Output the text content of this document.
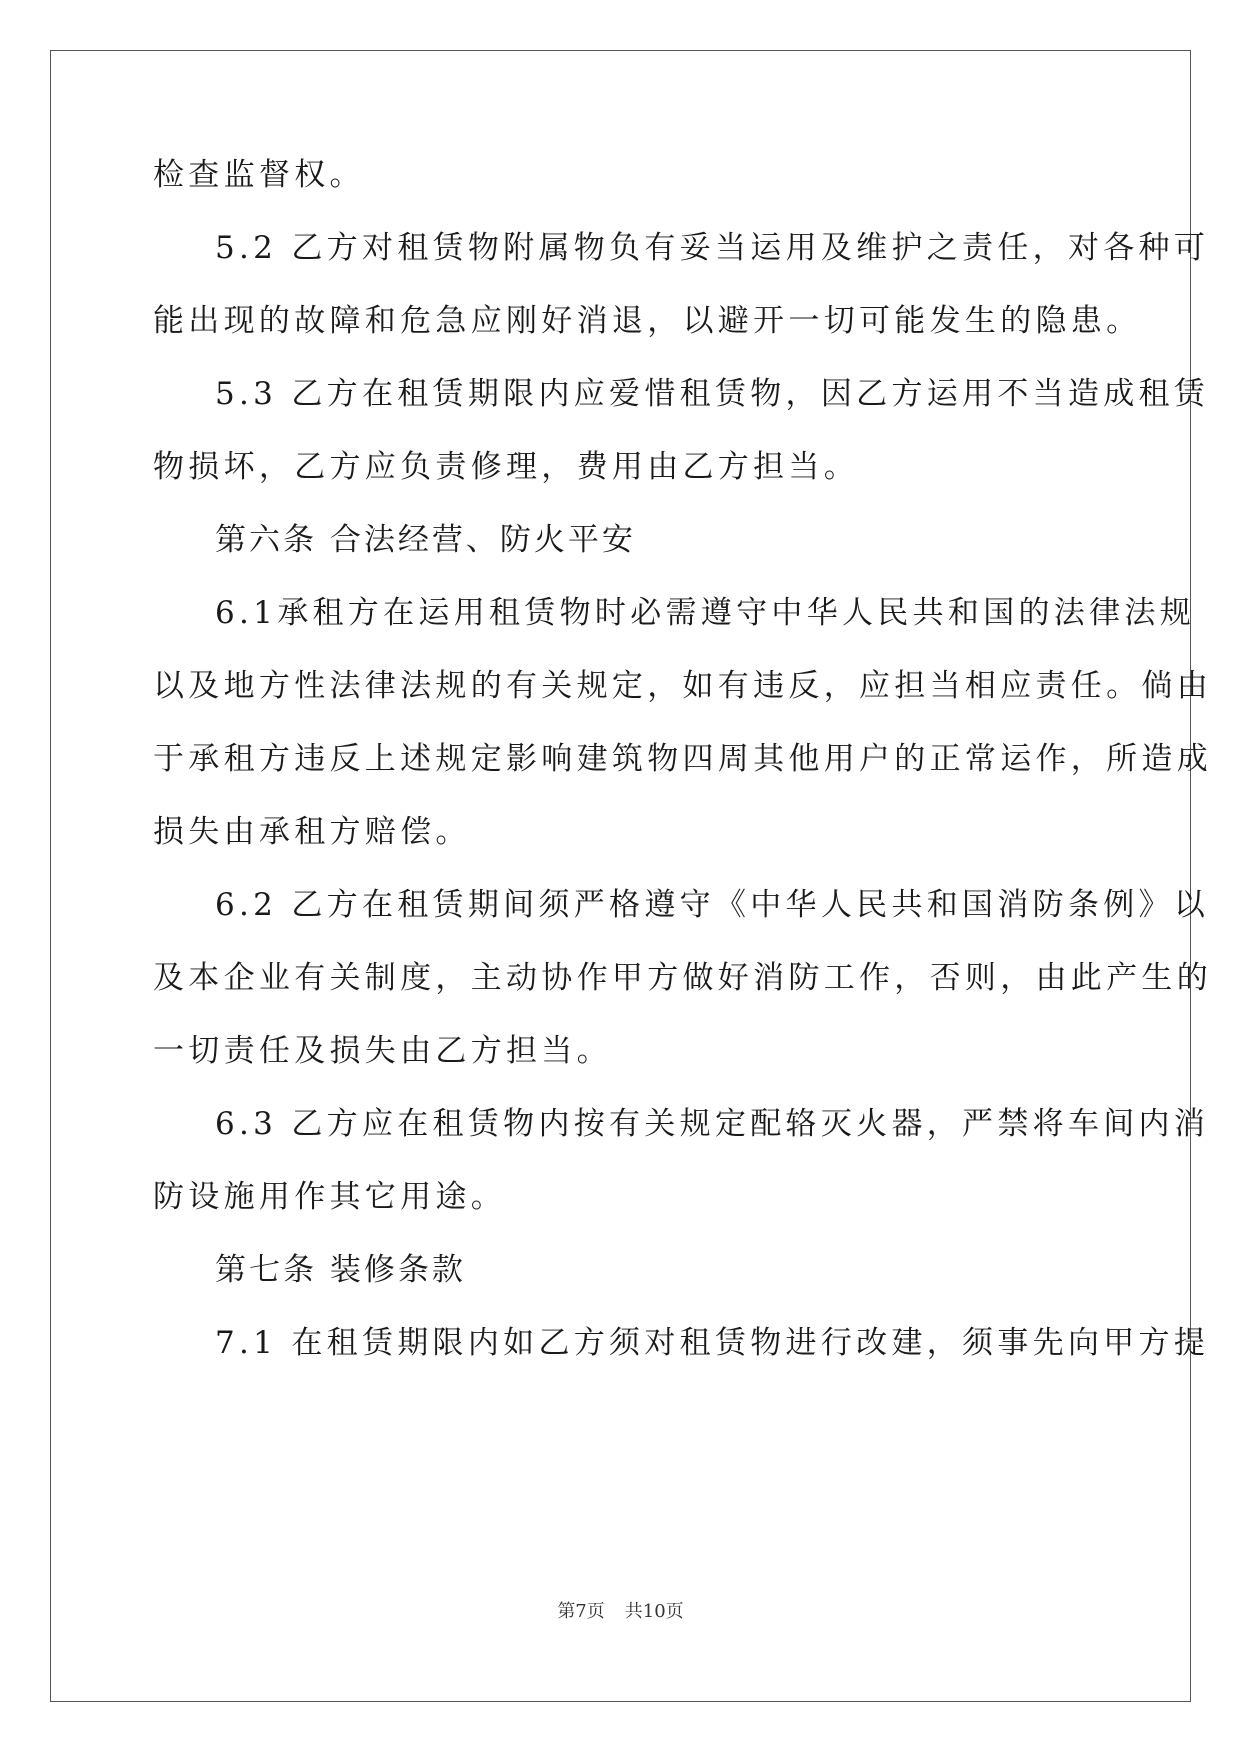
检查监督权。
5.2 乙方对租赁物附属物负有妥当运用及维护之责任，对各种可
能出现的故障和危急应刚好消退，以避开一切可能发生的隐患。
5.3 乙方在租赁期限内应爱惜租赁物，因乙方运用不当造成租赁
物损坏，乙方应负责修理，费用由乙方担当。
第六条 合法经营、防火平安
6.1承租方在运用租赁物时必需遵守中华人民共和国的法律法规
以及地方性法律法规的有关规定，如有违反，应担当相应责任。倘由
于承租方违反上述规定影响建筑物四周其他用户的正常运作，所造成
损失由承租方赔偿。
6.2 乙方在租赁期间须严格遵守《中华人民共和国消防条例》以
及本企业有关制度，主动协作甲方做好消防工作，否则，由此产生的
一切责任及损失由乙方担当。
6.3 乙方应在租赁物内按有关规定配辂灭火器，严禁将车间内消
防设施用作其它用途。
第七条 装修条款
7.1 在租赁期限内如乙方须对租赁物进行改建，须事先向甲方提
第7页 共10页
